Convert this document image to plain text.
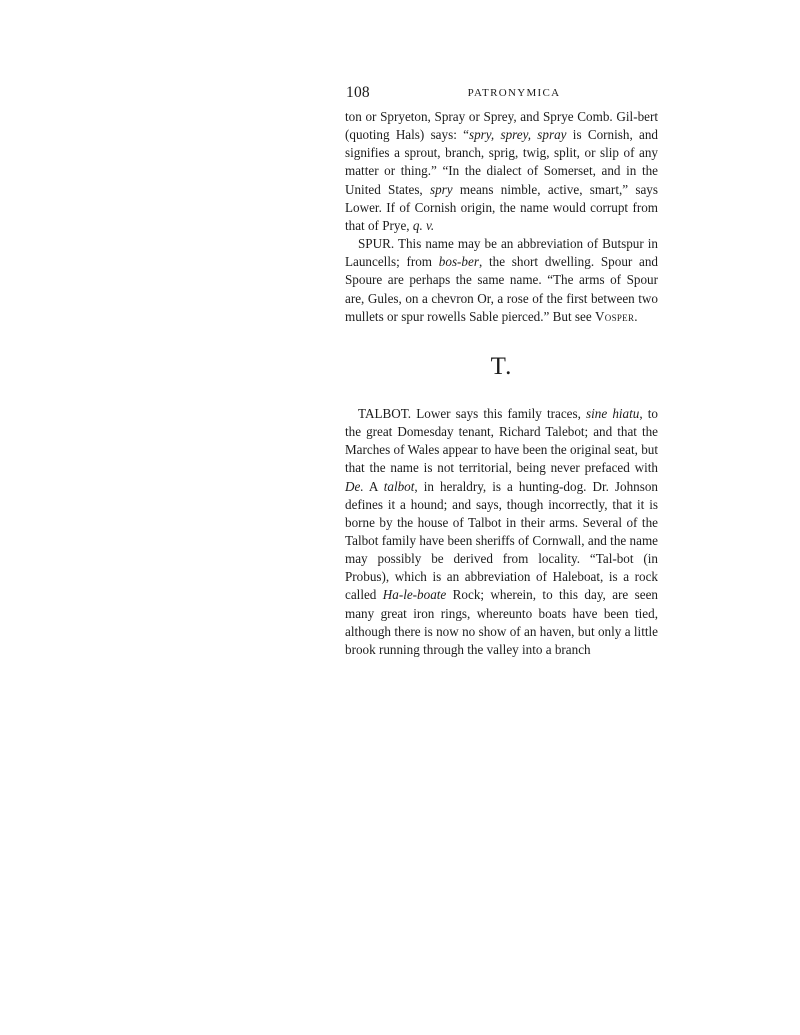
108	PATRONYMICA

ton or Spryeton, Spray or Sprey, and Sprye Comb. Gil-bert (quoting Hals) says: “spry, sprey, spray is Cornish, and signifies a sprout, branch, sprig, twig, split, or slip of any matter or thing.” “In the dialect of Somerset, and in the United States, spry means nimble, active, smart,” says Lower. If of Cornish origin, the name would corrupt from that of Prye, q. v.

SPUR. This name may be an abbreviation of Butspur in Launcells; from bos-ber, the short dwelling. Spour and Spoure are perhaps the same name. “The arms of Spour are, Gules, on a chevron Or, a rose of the first between two mullets or spur rowells Sable pierced.” But see Vosper.

T.

TALBOT. Lower says this family traces, sine hiatu, to the great Domesday tenant, Richard Talebot; and that the Marches of Wales appear to have been the original seat, but that the name is not territorial, being never prefaced with De. A talbot, in heraldry, is a hunting-dog. Dr. Johnson defines it a hound; and says, though incorrectly, that it is borne by the house of Talbot in their arms. Several of the Talbot family have been sheriffs of Cornwall, and the name may possibly be derived from locality. “Tal-bot (in Probus), which is an abbreviation of Haleboat, is a rock called Ha-le-boate Rock; wherein, to this day, are seen many great iron rings, whereunto boats have been tied, although there is now no show of an haven, but only a little brook running through the valley into a branch
